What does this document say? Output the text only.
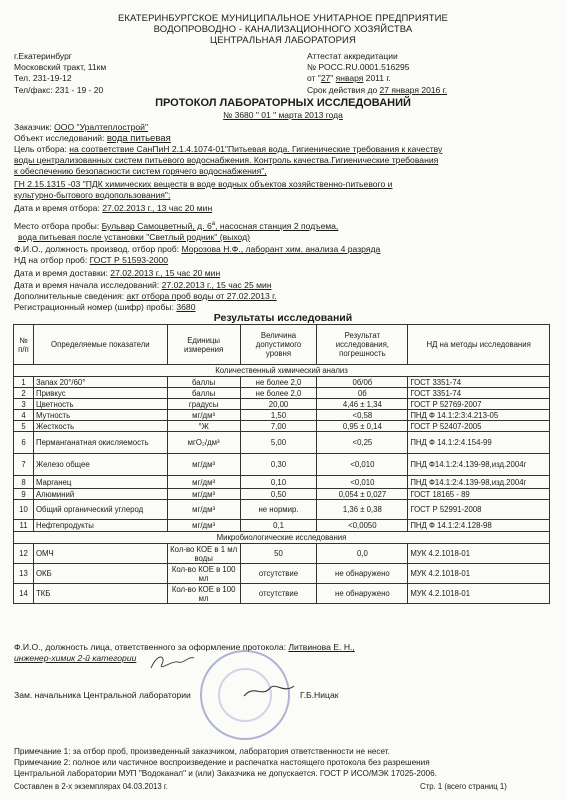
ЕКАТЕРИНБУРГСКОЕ МУНИЦИПАЛЬНОЕ УНИТАРНОЕ ПРЕДПРИЯТИЕ
ВОДОПРОВОДНО - КАНАЛИЗАЦИОННОГО ХОЗЯЙСТВА
ЦЕНТРАЛЬНАЯ ЛАБОРАТОРИЯ
г.Екатеринбург
Московский тракт, 11км
Тел. 231-19-12
Тел/факс: 231 - 19 - 20
Аттестат аккредитации
№ РОСС.RU.0001.516295
от "27" января 2011 г.
Срок действия до 27 января 2016 г.
ПРОТОКОЛ ЛАБОРАТОРНЫХ ИССЛЕДОВАНИЙ
№ 3680 " 01 " марта 2013 года
Заказчик: ООО "Уралтеплострой"
Объект исследований: вода питьевая
Цель отбора: на соответствие СанПиН 2.1.4.1074-01"Питьевая вода. Гигиенические требования к качеству
воды централизованных систем питьевого водоснабжения. Контроль качества.Гигиенические требования
к обеспечению безопасности систем горячего водоснабжения",
ГН 2.15.1315 -03 "ПДК химических веществ в воде водных объектов хозяйственно-питьевого и
культурно-бытового водопользования";
Дата и время отбора: 27.02.2013 г., 13 час 20 мин
Место отбора пробы: Бульвар Самоцветный, д. $6^а$, насосная станция 2 подъема,
вода питьевая после установки "Светлый родник" (выход)
Ф.И.О., должность производ. отбор проб: Морозова Н.Ф., лаборант хим. анализа 4 разряда
НД на отбор проб: ГОСТ Р 51593-2000
Дата и время доставки: 27.02.2013 г., 15 час 20 мин
Дата и время начала исследований: 27.02.2013 г., 15 час 25 мин
Дополнительные сведения: акт отбора проб воды от 27.02.2013 г.
Регистрационный номер (шифр) пробы: 3680
Результаты исследований
№ п/п	Определяемые показатели	Единицы измерения	Величина допустимого уровня	Результат исследования, погрешность	НД на методы исследования
Количественный химический анализ					
1	Запах 20°/60°	баллы	не более 2,0	0б/0б	ГОСТ 3351-74
2	Привкус	баллы	не более 2,0	0б	ГОСТ 3351-74
3	Цветность	градусы	20,00	4,46 ± 1,34	ГОСТ Р 52769-2007
4	Мутность	мг/дм³	1,50	<0,58	ПНД Ф 14.1:2:3:4.213-05
5	Жесткость	°Ж	7,00	0,95 ± 0,14	ГОСТ Р 52407-2005
6	Перманганатная окисляемость	мгО₂/дм³	5,00	<0,25	ПНД Ф 14.1:2:4.154-99
7	Железо общее	мг/дм³	0,30	<0,010	ПНД Ф14.1:2:4.139-98,изд.2004г
8	Марганец	мг/дм³	0,10	<0,010	ПНД Ф14.1:2:4.139-98,изд.2004г
9	Алюминий	мг/дм³	0,50	0,054 ± 0,027	ГОСТ 18165 - 89
10	Общий органический углерод	мг/дм³	не нормир.	1,36 ± 0,38	ГОСТ Р 52991-2008
11	Нефтепродукты	мг/дм³	0,1	<0,0050	ПНД Ф 14.1:2:4.128-98
Микробиологические исследования					
12	ОМЧ	Кол-во КОЕ в 1 мл воды	50	0,0	МУК 4.2.1018-01
13	ОКБ	Кол-во КОЕ в 100 мл	отсутствие	не обнаружено	МУК 4.2.1018-01
14	ТКБ	Кол-во КОЕ в 100 мл	отсутствие	не обнаружено	МУК 4.2.1018-01
Ф.И.О., должность лица, ответственного за оформление протокола: Литвинова Е. Н.,
инженер-химик 2-й категории
Зам. начальника Центральной лаборатории	Г.Б.Ницак
Примечание 1: за отбор проб, произведенный заказчиком, лаборатория ответственности не несет.
Примечание 2: полное или частичное воспроизведение и распечатка настоящего протокола без разрешения
Центральной лаборатории МУП "Водоканал" и (или) Заказчика не допускается. ГОСТ Р ИСО/МЭК 17025-2006.
Составлен в 2-х экземплярах 04.03.2013 г.	Стр. 1 (всего страниц 1)
